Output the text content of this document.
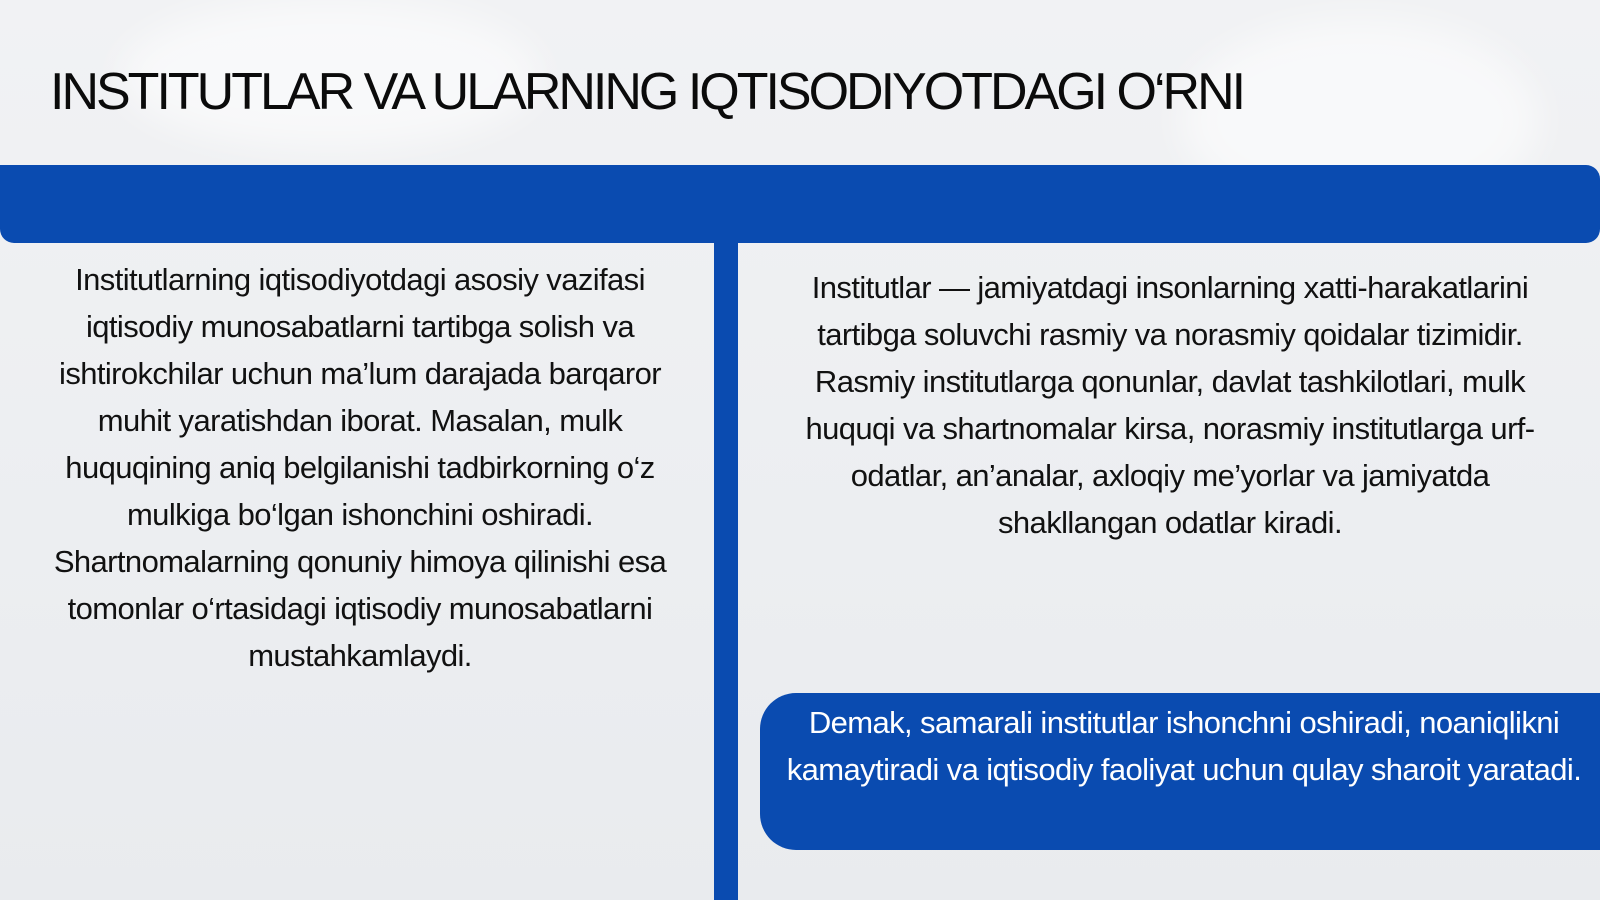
INSTITUTLAR VA ULARNING IQTISODIYOTDAGI O‘RNI

Institutlarning iqtisodiyotdagi asosiy vazifasi iqtisodiy munosabatlarni tartibga solish va ishtirokchilar uchun ma’lum darajada barqaror muhit yaratishdan iborat. Masalan, mulk huquqining aniq belgilanishi tadbirkorning o‘z mulkiga bo‘lgan ishonchini oshiradi. Shartnomalarning qonuniy himoya qilinishi esa tomonlar o‘rtasidagi iqtisodiy munosabatlarni mustahkamlaydi.

Institutlar — jamiyatdagi insonlarning xatti-harakatlarini tartibga soluvchi rasmiy va norasmiy qoidalar tizimidir. Rasmiy institutlarga qonunlar, davlat tashkilotlari, mulk huquqi va shartnomalar kirsa, norasmiy institutlarga urf-odatlar, an’analar, axloqiy me’yorlar va jamiyatda shakllangan odatlar kiradi.

Demak, samarali institutlar ishonchni oshiradi, noaniqlikni kamaytiradi va iqtisodiy faoliyat uchun qulay sharoit yaratadi.
